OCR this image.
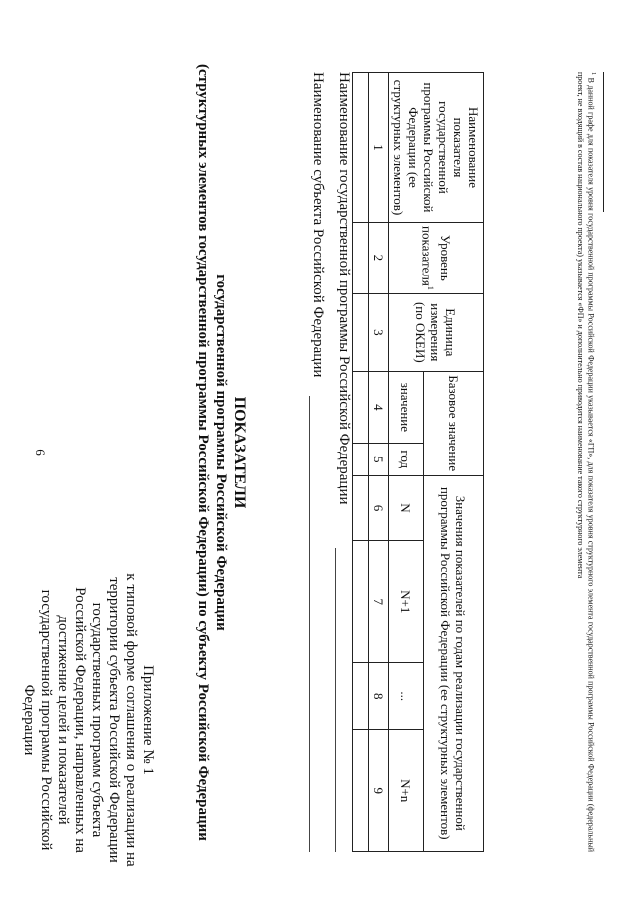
6
Приложение № 1
к типовой форме соглашения о реализации на территории субъекта Российской Федерации государственных программ субъекта Российской Федерации, направленных на достижение целей и показателей государственной программы Российской Федерации
ПОКАЗАТЕЛИ
государственной программы Российской Федерации
(структурных элементов государственной программы Российской Федерации) по субъекту Российской Федерации	Наименование государственной программы Российской Федерации
Наименование субъекта Российской Федерации	Наименование показателя государственной программы Российской Федерации (ее структурных элементов)	Уровень показателя$^1$	Единица измерения (по ОКЕИ)	Базовое значение		Значения показателей по годам реализации государственной программы Российской Федерации (ее структурных элементов)			
			значение	год	N	N+1	...	N+n
1	2	3	4	5	6	7	8	9

$^1$ В данной графе для показателя уровня государственной программы Российской Федерации указывается «ГП», для показателя уровня структурного элемента государственной программы Российской Федерации (федеральный проект, не входящий в состав национального проекта) указывается «ФП» и дополнительно приводится наименование такого структурного элемента
